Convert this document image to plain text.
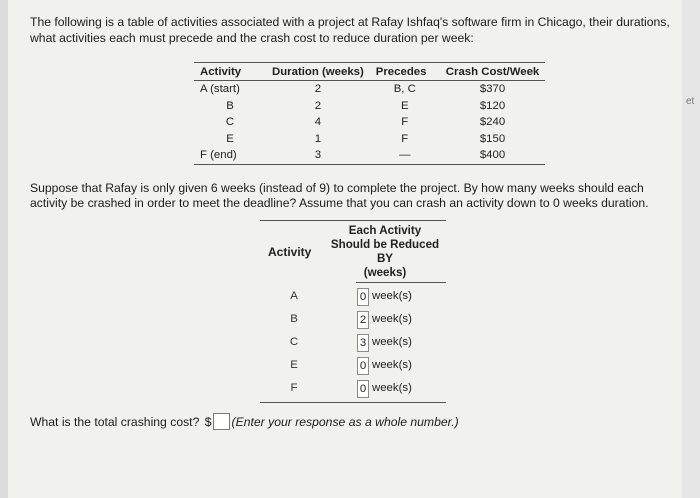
The following is a table of activities associated with a project at Rafay Ishfaq's software firm in Chicago, their durations, what activities each must precede and the crash cost to reduce duration per week:
Activity	Duration (weeks)	Precedes	Crash Cost/Week
A (start)	2	B, C	$370
B	2	E	$120
C	4	F	$240
E	1	F	$150
F (end)	3	—	$400
Suppose that Rafay is only given 6 weeks (instead of 9) to complete the project. By how many weeks should each activity be crashed in order to meet the deadline? Assume that you can crash an activity down to 0 weeks duration.
Activity
Each Activity
Should be Reduced
BY
(weeks)
A	0 week(s)
B	2 week(s)
C	3 week(s)
E	0 week(s)
F	0 week(s)
What is the total crashing cost? $ (Enter your response as a whole number.)
et
